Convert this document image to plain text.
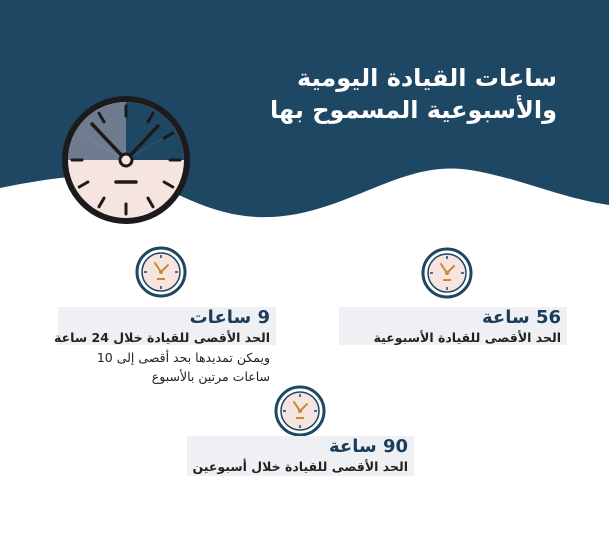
ساعات القيادة اليومية
والأسبوعية المسموح بها
9 ساعات
الحد الأقصى للقيادة خلال 24 ساعة
ويمكن تمديدها بحد أقصى إلى 10
ساعات مرتين بالأسبوع
56 ساعة
الحد الأقصى للقيادة الأسبوعية
90 ساعة
الحد الأقصى للقيادة خلال أسبوعين
